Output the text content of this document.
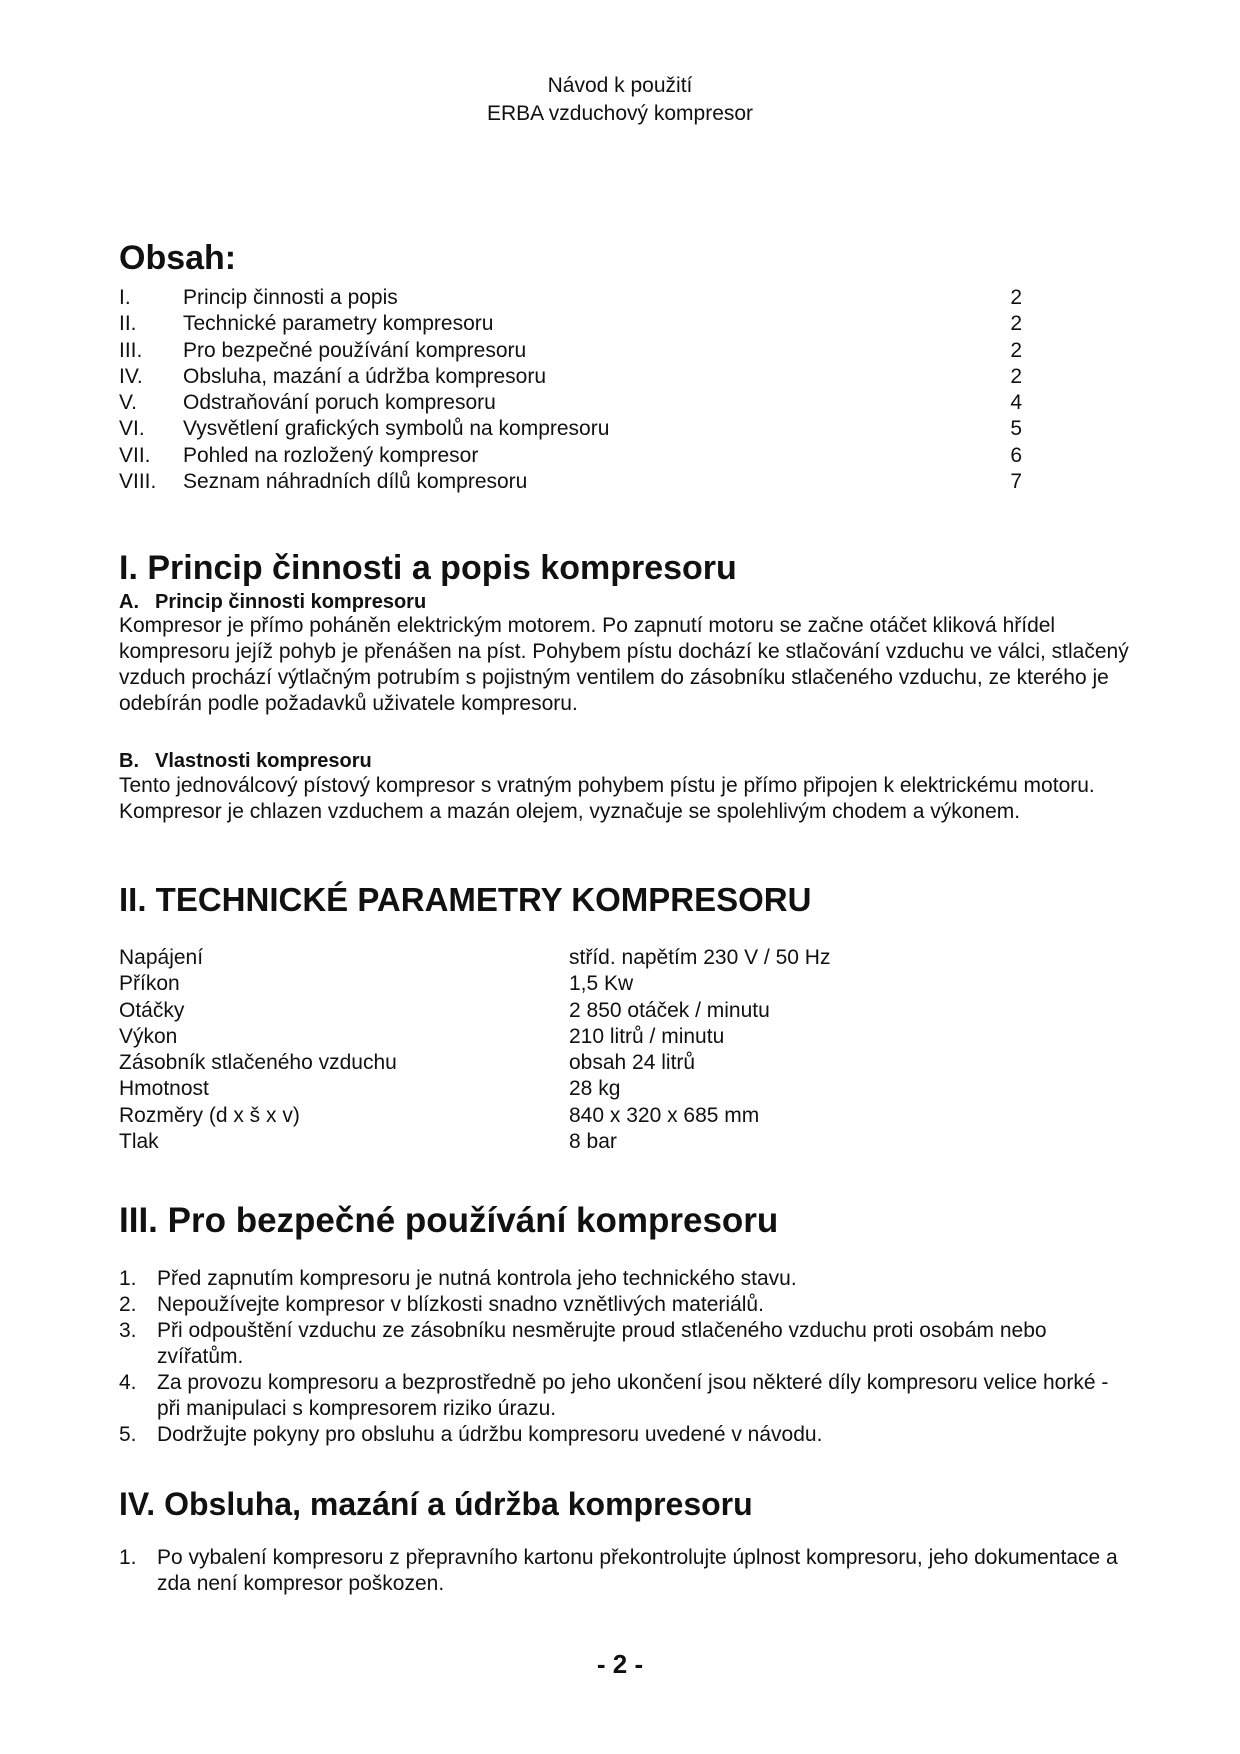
Návod k použití
ERBA vzduchový kompresor
Obsah:
I. Princip činnosti a popis	2
II. Technické parametry kompresoru	2
III. Pro bezpečné používání kompresoru	2
IV. Obsluha, mazání a údržba kompresoru	2
V. Odstraňování poruch kompresoru	4
VI. Vysvětlení grafických symbolů na kompresoru	5
VII. Pohled na rozložený kompresor	6
VIII. Seznam náhradních dílů kompresoru	7
I. Princip činnosti a popis kompresoru
A. Princip činnosti kompresoru
Kompresor je přímo poháněn elektrickým motorem. Po zapnutí motoru se začne otáčet kliková hřídel kompresoru jejíž pohyb je přenášen na píst. Pohybem pístu dochází ke stlačování vzduchu ve válci, stlačený vzduch prochází výtlačným potrubím s pojistným ventilem do zásobníku stlačeného vzduchu, ze kterého je odebírán podle požadavků uživatele kompresoru.
B. Vlastnosti kompresoru
Tento jednoválcový pístový kompresor s vratným pohybem pístu je přímo připojen k elektrickému motoru. Kompresor je chlazen vzduchem a mazán olejem, vyznačuje se spolehlivým chodem a výkonem.
II. TECHNICKÉ PARAMETRY KOMPRESORU
Napájení	stříd. napětím 230 V / 50 Hz
Příkon	1,5 Kw
Otáčky	2 850 otáček / minutu
Výkon	210 litrů / minutu
Zásobník stlačeného vzduchu	obsah 24 litrů
Hmotnost	28 kg
Rozměry (d x š x v)	840 x 320 x 685 mm
Tlak	8 bar
III. Pro bezpečné používání kompresoru
1. Před zapnutím kompresoru je nutná kontrola jeho technického stavu.
2. Nepoužívejte kompresor v blízkosti snadno vznětlivých materiálů.
3. Při odpouštění vzduchu ze zásobníku nesměrujte proud stlačeného vzduchu proti osobám nebo zvířatům.
4. Za provozu kompresoru a bezprostředně po jeho ukončení jsou některé díly kompresoru velice horké - při manipulaci s kompresorem riziko úrazu.
5. Dodržujte pokyny pro obsluhu a údržbu kompresoru uvedené v návodu.
IV. Obsluha, mazání a údržba kompresoru
1. Po vybalení kompresoru z přepravního kartonu překontrolujte úplnost kompresoru, jeho dokumentace a zda není kompresor poškozen.
- 2 -
